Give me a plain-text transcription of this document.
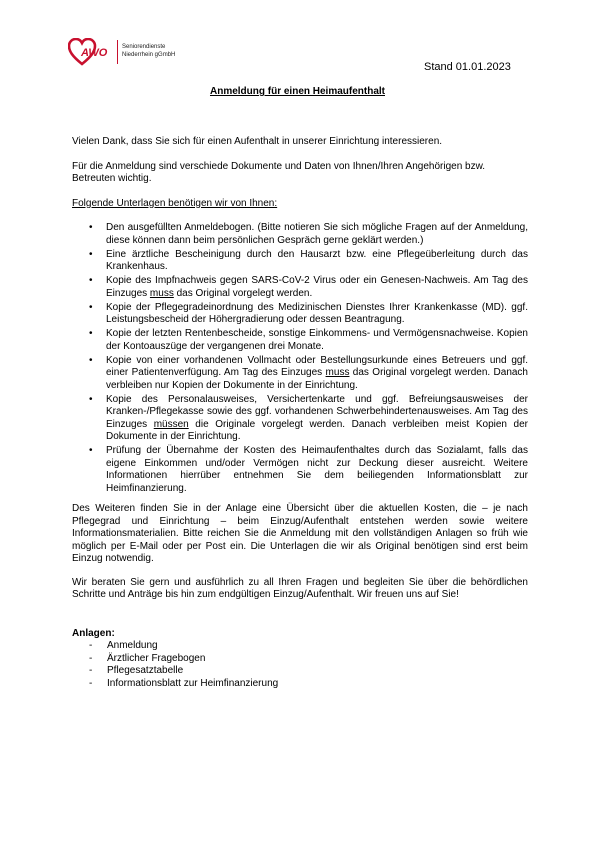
AWO Seniorendienste
Niederrhein gGmbH
Stand 01.01.2023
Anmeldung für einen Heimaufenthalt

Vielen Dank, dass Sie sich für einen Aufenthalt in unserer Einrichtung interessieren.

Für die Anmeldung sind verschiede Dokumente und Daten von Ihnen/Ihren Angehörigen bzw. Betreuten wichtig.

Folgende Unterlagen benötigen wir von Ihnen:

• Den ausgefüllten Anmeldebogen. (Bitte notieren Sie sich mögliche Fragen auf der Anmeldung, diese können dann beim persönlichen Gespräch gerne geklärt werden.)
• Eine ärztliche Bescheinigung durch den Hausarzt bzw. eine Pflegeüberleitung durch das Krankenhaus.
• Kopie des Impfnachweis gegen SARS-CoV-2 Virus oder ein Genesen-Nachweis. Am Tag des Einzuges muss das Original vorgelegt werden.
• Kopie der Pflegegradeinordnung des Medizinischen Dienstes Ihrer Krankenkasse (MD). ggf. Leistungsbescheid der Höhergradierung oder dessen Beantragung.
• Kopie der letzten Rentenbescheide, sonstige Einkommens- und Vermögensnachweise. Kopien der Kontoauszüge der vergangenen drei Monate.
• Kopie von einer vorhandenen Vollmacht oder Bestellungsurkunde eines Betreuers und ggf. einer Patientenverfügung. Am Tag des Einzuges muss das Original vorgelegt werden. Danach verbleiben nur Kopien der Dokumente in der Einrichtung.
• Kopie des Personalausweises, Versichertenkarte und ggf. Befreiungsausweises der Kranken-/Pflegekasse sowie des ggf. vorhandenen Schwerbehindertenausweises. Am Tag des Einzuges müssen die Originale vorgelegt werden. Danach verbleiben meist Kopien der Dokumente in der Einrichtung.
• Prüfung der Übernahme der Kosten des Heimaufenthaltes durch das Sozialamt, falls das eigene Einkommen und/oder Vermögen nicht zur Deckung dieser ausreicht. Weitere Informationen hierrüber entnehmen Sie dem beiliegenden Informationsblatt zur Heimfinanzierung.

Des Weiteren finden Sie in der Anlage eine Übersicht über die aktuellen Kosten, die – je nach Pflegegrad und Einrichtung – beim Einzug/Aufenthalt entstehen werden sowie weitere Informationsmaterialien. Bitte reichen Sie die Anmeldung mit den vollständigen Anlagen so früh wie möglich per E-Mail oder per Post ein. Die Unterlagen die wir als Original benötigen sind erst beim Einzug notwendig.

Wir beraten Sie gern und ausführlich zu all Ihren Fragen und begleiten Sie über die behördlichen Schritte und Anträge bis hin zum endgültigen Einzug/Aufenthalt. Wir freuen uns auf Sie!

Anlagen:
- Anmeldung
- Ärztlicher Fragebogen
- Pflegesatztabelle
- Informationsblatt zur Heimfinanzierung
